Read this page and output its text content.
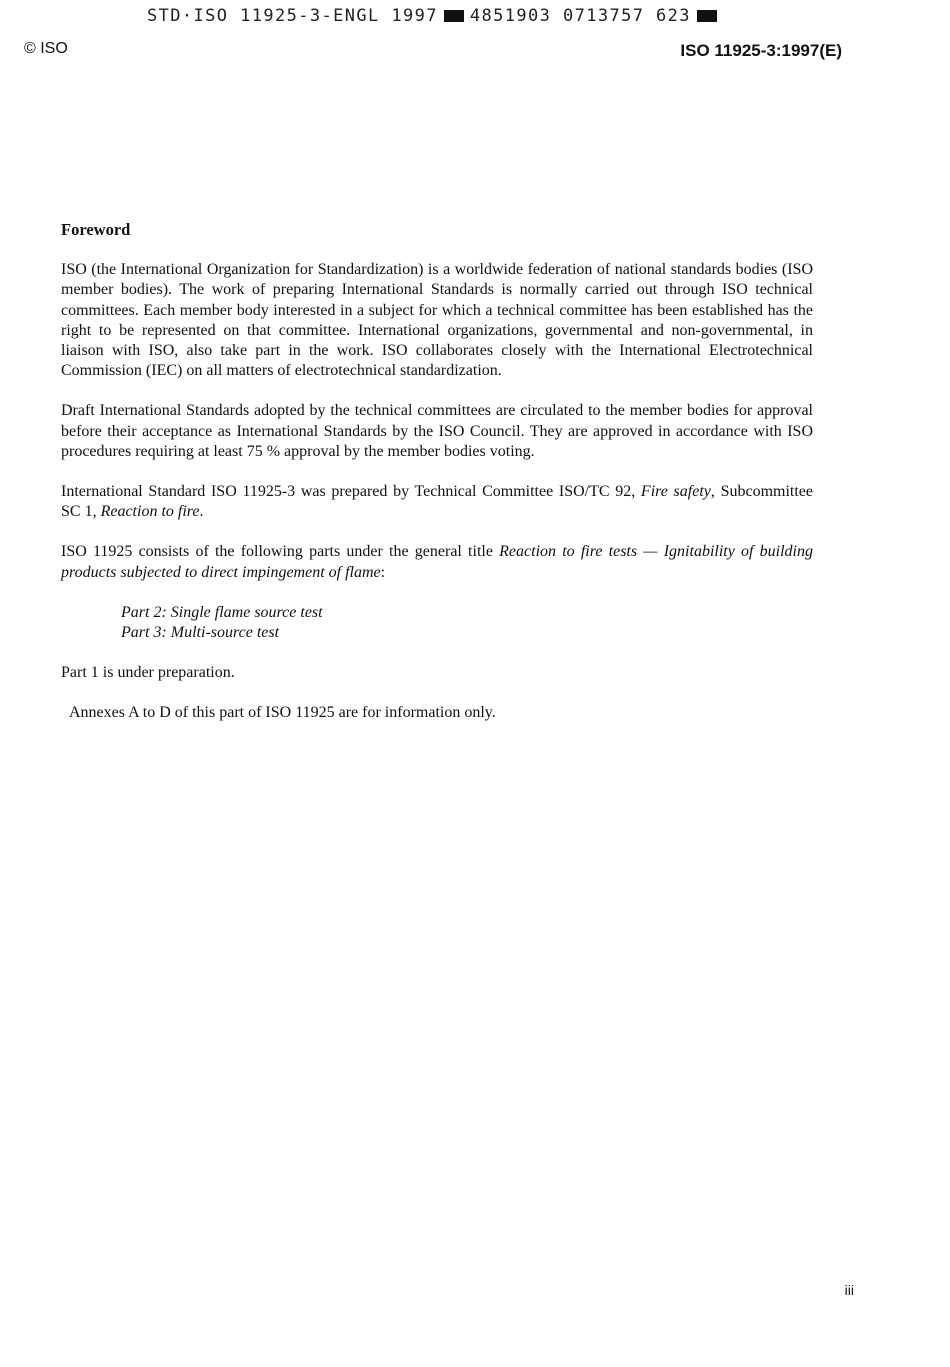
STD·ISO 11925-3-ENGL 1997 4851903 0713757 623
© ISO	ISO 11925-3:1997(E)
Foreword

ISO (the International Organization for Standardization) is a worldwide federation of national standards bodies (ISO member bodies). The work of preparing International Standards is normally carried out through ISO technical committees. Each member body interested in a subject for which a technical committee has been established has the right to be represented on that committee. International organizations, governmental and non-governmental, in liaison with ISO, also take part in the work. ISO collaborates closely with the International Electrotechnical Commission (IEC) on all matters of electrotechnical standardization.

Draft International Standards adopted by the technical committees are circulated to the member bodies for approval before their acceptance as International Standards by the ISO Council. They are approved in accordance with ISO procedures requiring at least 75 % approval by the member bodies voting.

International Standard ISO 11925-3 was prepared by Technical Committee ISO/TC 92, Fire safety, Subcommittee SC 1, Reaction to fire.

ISO 11925 consists of the following parts under the general title Reaction to fire tests — Ignitability of building products subjected to direct impingement of flame:

Part 2: Single flame source test
Part 3: Multi-source test

Part 1 is under preparation.

Annexes A to D of this part of ISO 11925 are for information only.

iii
